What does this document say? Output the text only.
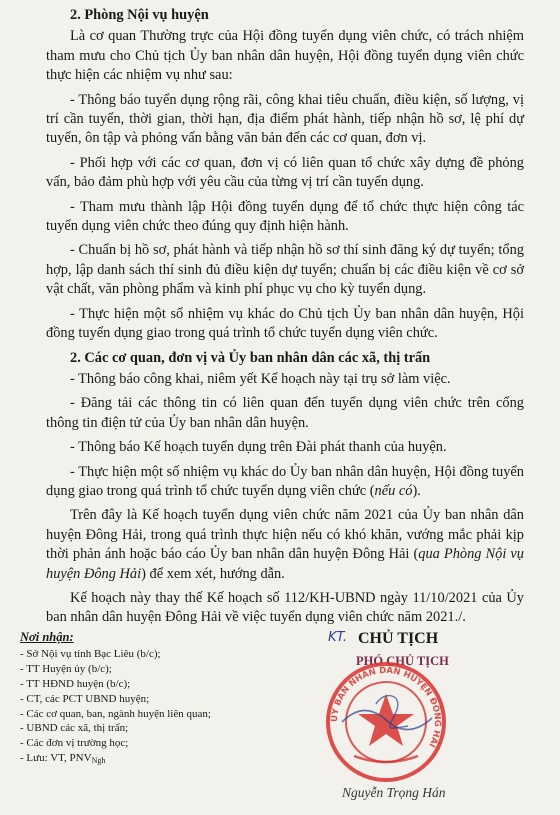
2. Phòng Nội vụ huyện
Là cơ quan Thường trực của Hội đồng tuyển dụng viên chức, có trách nhiệm tham mưu cho Chủ tịch Ủy ban nhân dân huyện, Hội đồng tuyển dụng viên chức thực hiện các nhiệm vụ như sau:
- Thông báo tuyển dụng rộng rãi, công khai tiêu chuẩn, điều kiện, số lượng, vị trí cần tuyển, thời gian, thời hạn, địa điểm phát hành, tiếp nhận hồ sơ, lệ phí dự tuyển, ôn tập và phỏng vấn bằng văn bản đến các cơ quan, đơn vị.
- Phối hợp với các cơ quan, đơn vị có liên quan tổ chức xây dựng đề phỏng vấn, bảo đảm phù hợp với yêu cầu của từng vị trí cần tuyển dụng.
- Tham mưu thành lập Hội đồng tuyển dụng để tổ chức thực hiện công tác tuyển dụng viên chức theo đúng quy định hiện hành.
- Chuẩn bị hồ sơ, phát hành và tiếp nhận hồ sơ thí sinh đăng ký dự tuyển; tổng hợp, lập danh sách thí sinh đủ điều kiện dự tuyển; chuẩn bị các điều kiện về cơ sở vật chất, văn phòng phẩm và kinh phí phục vụ cho kỳ tuyển dụng.
- Thực hiện một số nhiệm vụ khác do Chủ tịch Ủy ban nhân dân huyện, Hội đồng tuyển dụng giao trong quá trình tổ chức tuyển dụng viên chức.
2. Các cơ quan, đơn vị và Ủy ban nhân dân các xã, thị trấn
- Thông báo công khai, niêm yết Kế hoạch này tại trụ sở làm việc.
- Đăng tải các thông tin có liên quan đến tuyển dụng viên chức trên cổng thông tin điện tử của Ủy ban nhân dân huyện.
- Thông báo Kế hoạch tuyển dụng trên Đài phát thanh của huyện.
- Thực hiện một số nhiệm vụ khác do Ủy ban nhân dân huyện, Hội đồng tuyển dụng giao trong quá trình tổ chức tuyển dụng viên chức (nếu có).
Trên đây là Kế hoạch tuyển dụng viên chức năm 2021 của Ủy ban nhân dân huyện Đông Hải, trong quá trình thực hiện nếu có khó khăn, vướng mắc phải kịp thời phản ánh hoặc báo cáo Ủy ban nhân dân huyện Đông Hải (qua Phòng Nội vụ huyện Đông Hải) để xem xét, hướng dẫn.
Kế hoạch này thay thế Kế hoạch số 112/KH-UBND ngày 11/10/2021 của Ủy ban nhân dân huyện Đông Hải về việc tuyển dụng viên chức năm 2021./.
Nơi nhận:
- Sở Nội vụ tỉnh Bạc Liêu (b/c);
- TT Huyện ủy (b/c);
- TT HĐND huyện (b/c);
- CT, các PCT UBND huyện;
- Các cơ quan, ban, ngành huyện liên quan;
- UBND các xã, thị trấn;
- Các đơn vị trường học;
- Lưu: VT, PNVNgh
KT. CHỦ TỊCH
PHÓ CHỦ TỊCH
ỦY BAN NHÂN DÂN HUYỆN ĐÔNG HẢI
Nguyễn Trọng Hán
